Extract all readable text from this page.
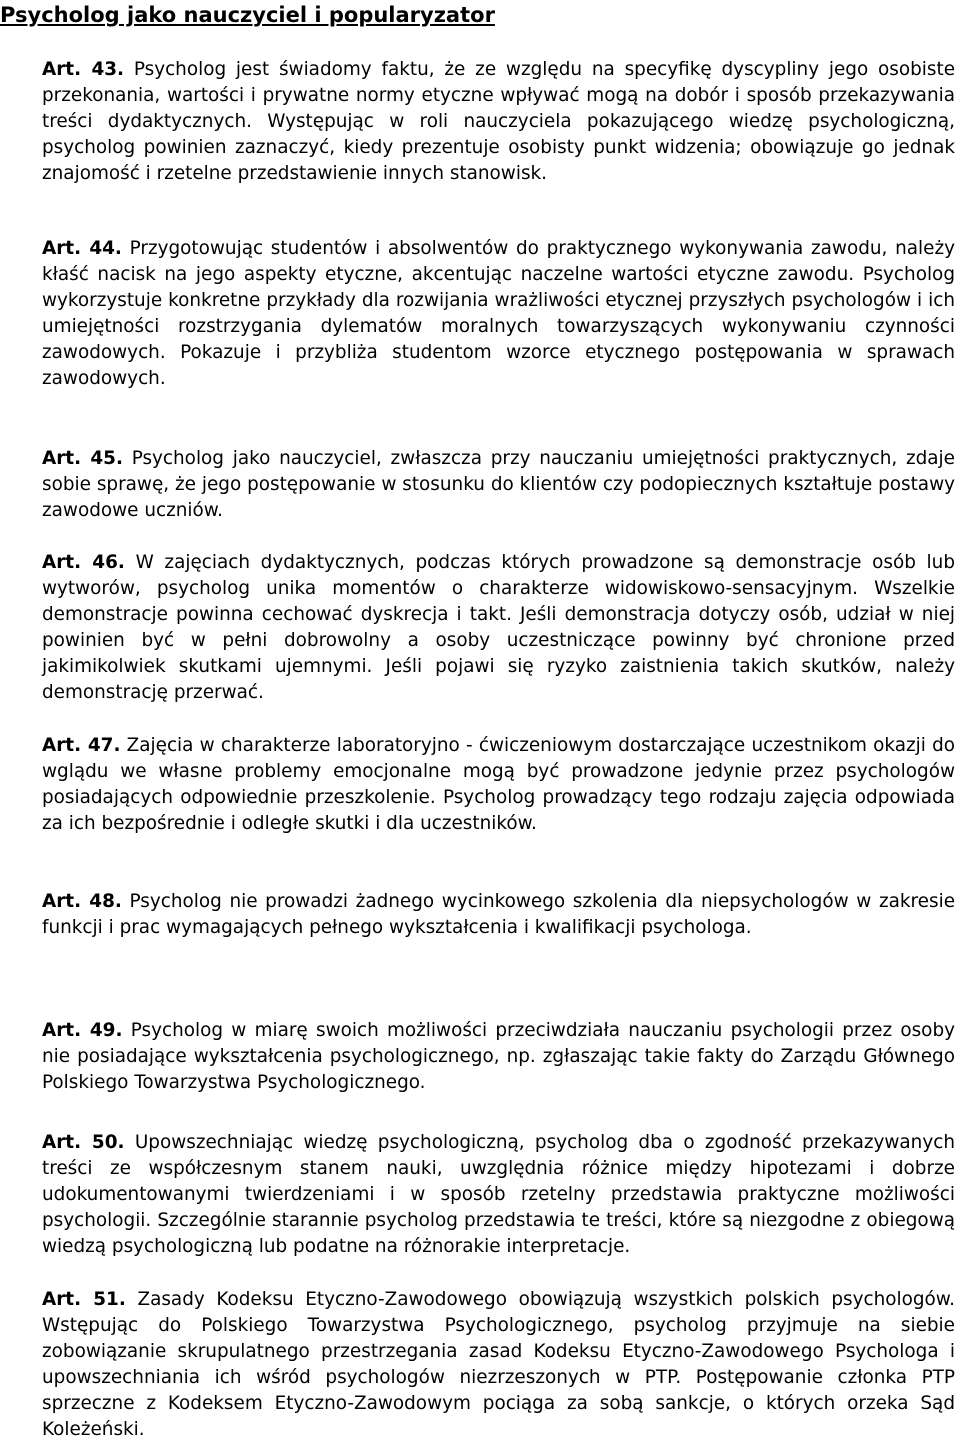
Psycholog jako nauczyciel i popularyzator

Art. 43. Psycholog jest świadomy faktu, że ze względu na specyfikę dyscypliny jego osobiste przekonania, wartości i prywatne normy etyczne wpływać mogą na dobór i sposób przekazywania treści dydaktycznych. Występując w roli nauczyciela pokazującego wiedzę psychologiczną, psycholog powinien zaznaczyć, kiedy prezentuje osobisty punkt widzenia; obowiązuje go jednak znajomość i rzetelne przedstawienie innych stanowisk.

Art. 44. Przygotowując studentów i absolwentów do praktycznego wykonywania zawodu, należy kłaść nacisk na jego aspekty etyczne, akcentując naczelne wartości etyczne zawodu. Psycholog wykorzystuje konkretne przykłady dla rozwijania wrażliwości etycznej przyszłych psychologów i ich umiejętności rozstrzygania dylematów moralnych towarzyszących wykonywaniu czynności zawodowych. Pokazuje i przybliża studentom wzorce etycznego postępowania w sprawach zawodowych.

Art. 45. Psycholog jako nauczyciel, zwłaszcza przy nauczaniu umiejętności praktycznych, zdaje sobie sprawę, że jego postępowanie w stosunku do klientów czy podopiecznych kształtuje postawy zawodowe uczniów.

Art. 46. W zajęciach dydaktycznych, podczas których prowadzone są demonstracje osób lub wytworów, psycholog unika momentów o charakterze widowiskowo-sensacyjnym. Wszelkie demonstracje powinna cechować dyskrecja i takt. Jeśli demonstracja dotyczy osób, udział w niej powinien być w pełni dobrowolny a osoby uczestniczące powinny być chronione przed jakimikolwiek skutkami ujemnymi. Jeśli pojawi się ryzyko zaistnienia takich skutków, należy demonstrację przerwać.

Art. 47. Zajęcia w charakterze laboratoryjno - ćwiczeniowym dostarczające uczestnikom okazji do wglądu we własne problemy emocjonalne mogą być prowadzone jedynie przez psychologów posiadających odpowiednie przeszkolenie. Psycholog prowadzący tego rodzaju zajęcia odpowiada za ich bezpośrednie i odległe skutki i dla uczestników.

Art. 48. Psycholog nie prowadzi żadnego wycinkowego szkolenia dla niepsychologów w zakresie funkcji i prac wymagających pełnego wykształcenia i kwalifikacji psychologa.

Art. 49. Psycholog w miarę swoich możliwości przeciwdziała nauczaniu psychologii przez osoby nie posiadające wykształcenia psychologicznego, np. zgłaszając takie fakty do Zarządu Głównego Polskiego Towarzystwa Psychologicznego.

Art. 50. Upowszechniając wiedzę psychologiczną, psycholog dba o zgodność przekazywanych treści ze współczesnym stanem nauki, uwzględnia różnice między hipotezami i dobrze udokumentowanymi twierdzeniami i w sposób rzetelny przedstawia praktyczne możliwości psychologii. Szczególnie starannie psycholog przedstawia te treści, które są niezgodne z obiegową wiedzą psychologiczną lub podatne na różnorakie interpretacje.

Art. 51. Zasady Kodeksu Etyczno-Zawodowego obowiązują wszystkich polskich psychologów. Wstępując do Polskiego Towarzystwa Psychologicznego, psycholog przyjmuje na siebie zobowiązanie skrupulatnego przestrzegania zasad Kodeksu Etyczno-Zawodowego Psychologa i upowszechniania ich wśród psychologów niezrzeszonych w PTP. Postępowanie członka PTP sprzeczne z Kodeksem Etyczno-Zawodowym pociąga za sobą sankcje, o których orzeka Sąd Koleżeński.
